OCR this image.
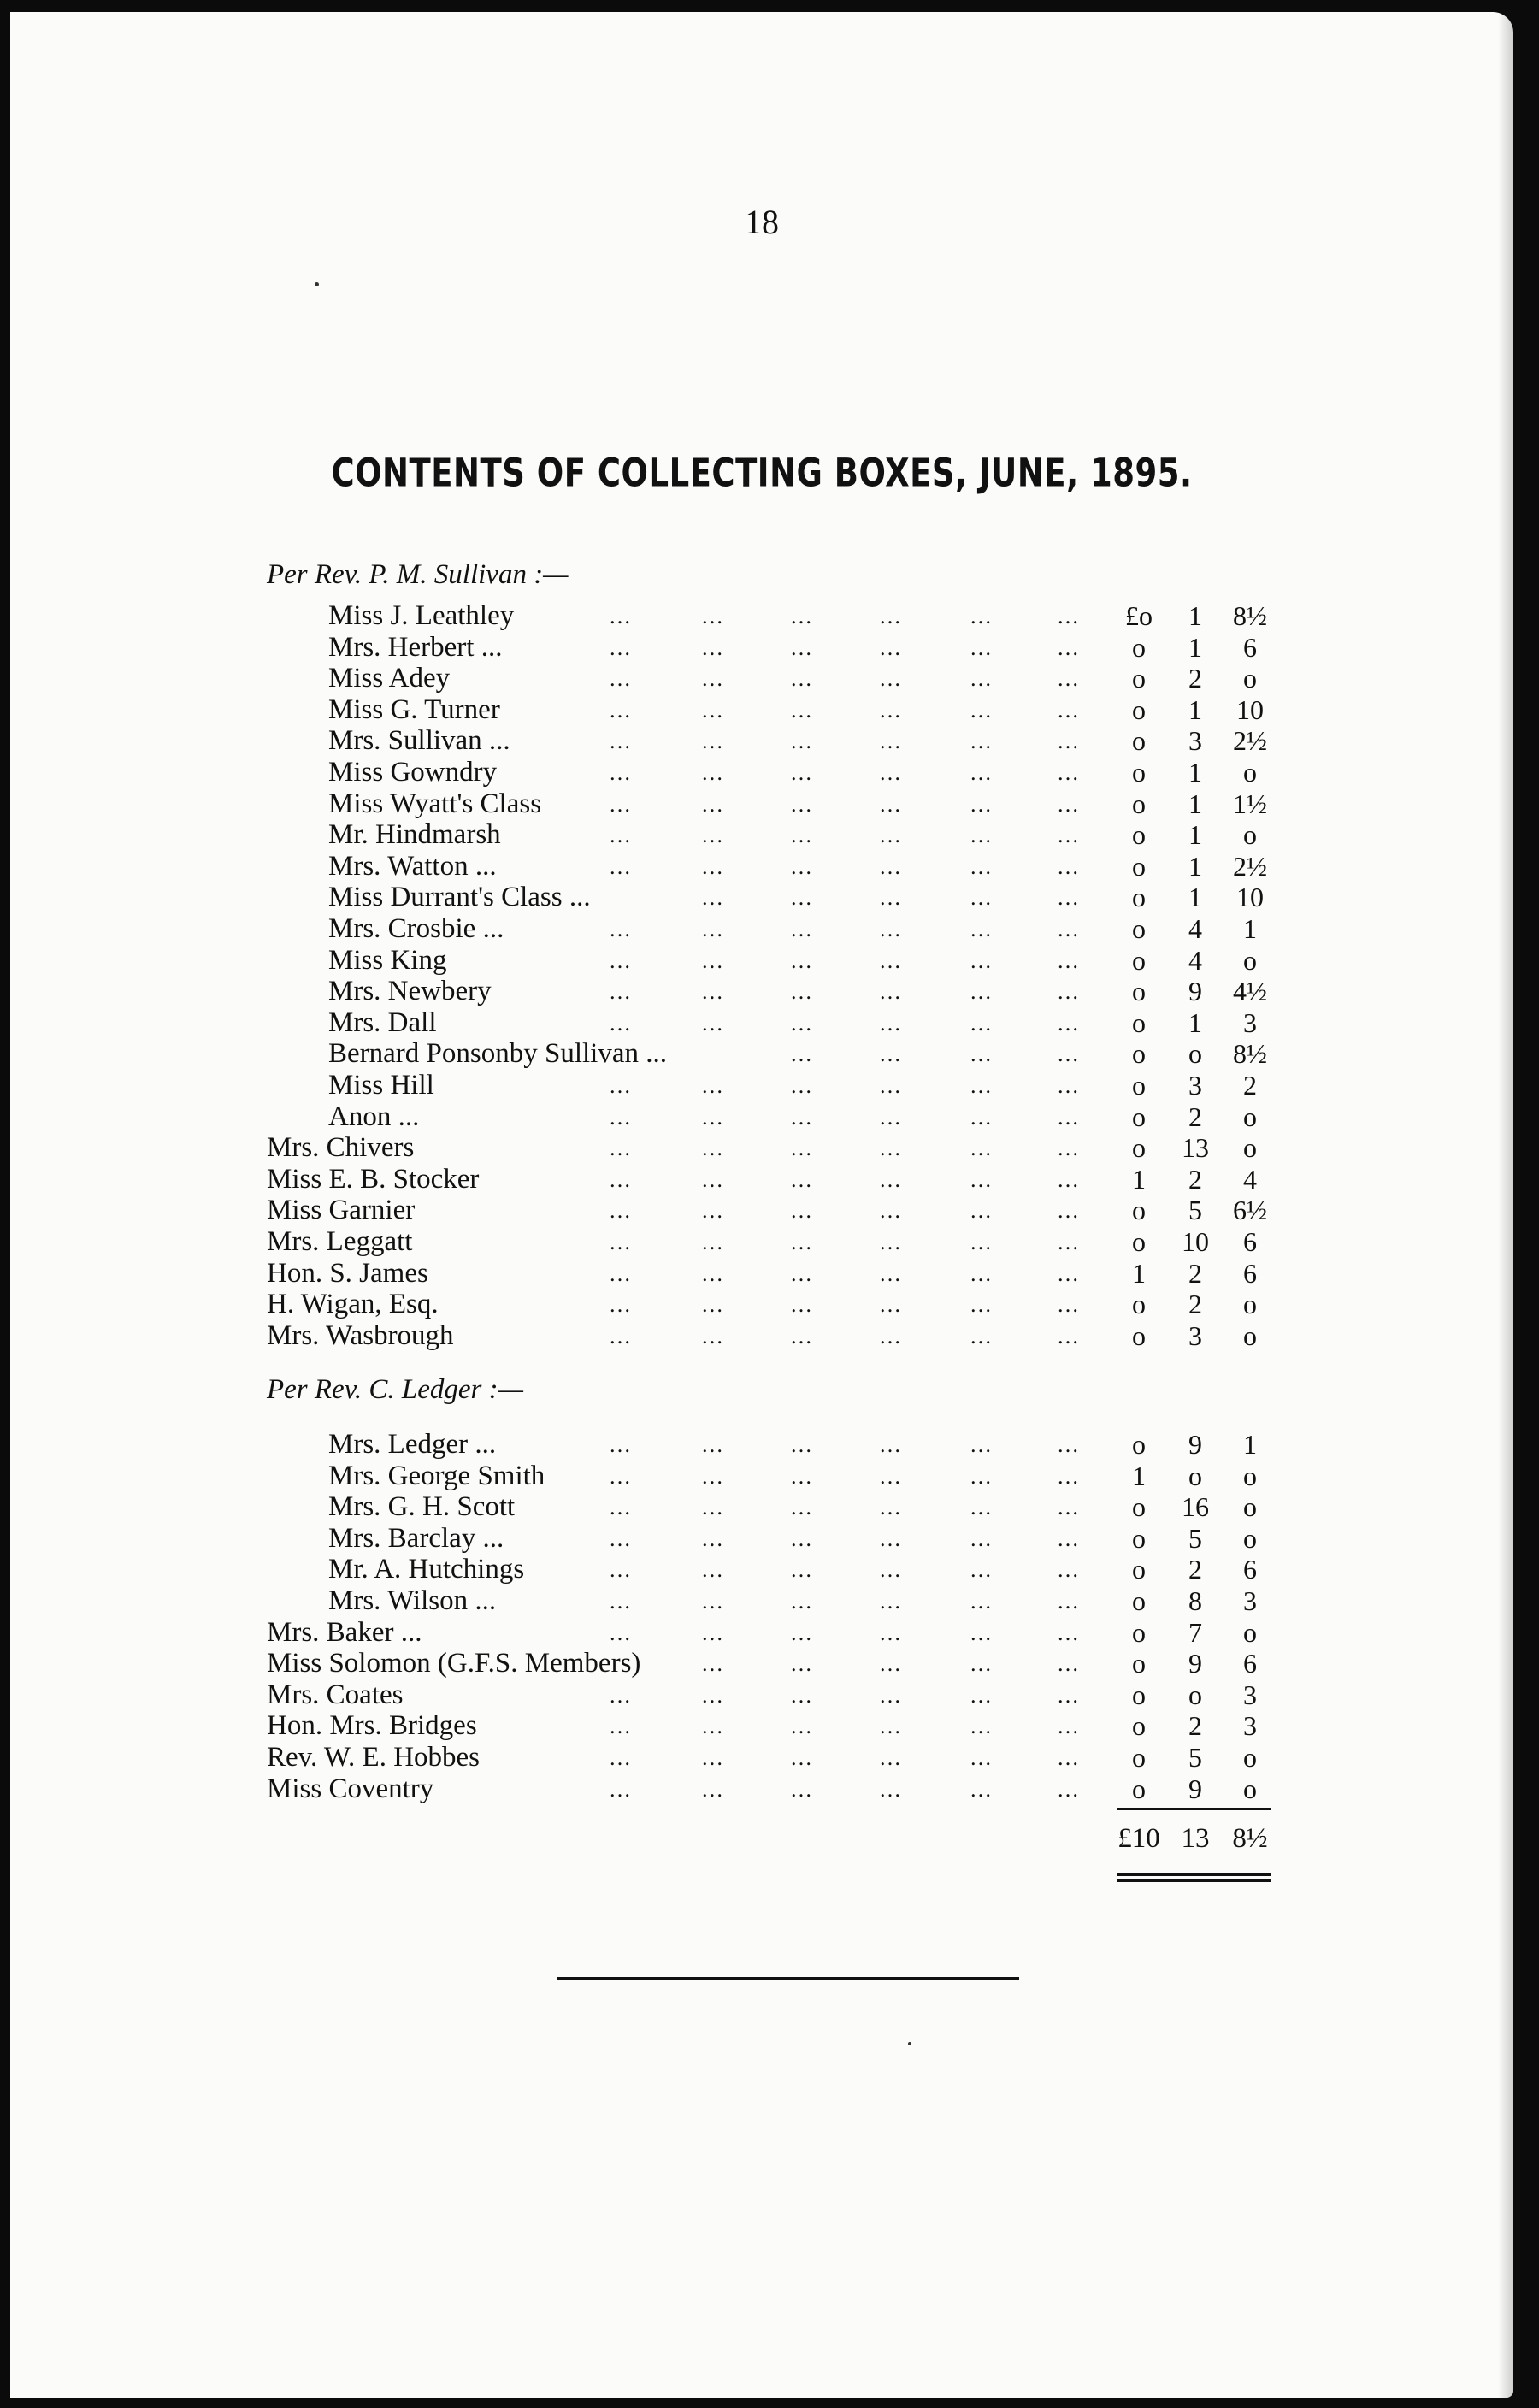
18
CONTENTS OF COLLECTING BOXES, JUNE, 1895.
Per Rev. P. M. Sullivan :—
Miss J. Leathley	…	…	…	…	…	…	£o	1	8½
Mrs. Herbert ...	…	…	…	…	…	…	o	1	6
Miss Adey	…	…	…	…	…	…	o	2	o
Miss G. Turner	…	…	…	…	…	…	o	1	10
Mrs. Sullivan ...	…	…	…	…	…	…	o	3	2½
Miss Gowndry	…	…	…	…	…	…	o	1	o
Miss Wyatt's Class	…	…	…	…	…	…	o	1	1½
Mr. Hindmarsh	…	…	…	…	…	…	o	1	o
Mrs. Watton ...	…	…	…	…	…	…	o	1	2½
Miss Durrant's Class ...	…	…	…	…	…	o	1	10
Mrs. Crosbie ...	…	…	…	…	…	…	o	4	1
Miss King	…	…	…	…	…	…	o	4	o
Mrs. Newbery	…	…	…	…	…	…	o	9	4½
Mrs. Dall	…	…	…	…	…	…	o	1	3
Bernard Ponsonby Sullivan ...	…	…	…	…	o	o	8½
Miss Hill	…	…	…	…	…	…	o	3	2
Anon ...	…	…	…	…	…	…	o	2	o
Mrs. Chivers	…	…	…	…	…	…	o	13	o
Miss E. B. Stocker	…	…	…	…	…	…	1	2	4
Miss Garnier	…	…	…	…	…	…	o	5	6½
Mrs. Leggatt	…	…	…	…	…	…	o	10	6
Hon. S. James	…	…	…	…	…	…	1	2	6
H. Wigan, Esq.	…	…	…	…	…	…	o	2	o
Mrs. Wasbrough	…	…	…	…	…	…	o	3	o
Per Rev. C. Ledger :—
Mrs. Ledger ...	…	…	…	…	…	…	o	9	1
Mrs. George Smith	…	…	…	…	…	…	1	o	o
Mrs. G. H. Scott	…	…	…	…	…	…	o	16	o
Mrs. Barclay ...	…	…	…	…	…	…	o	5	o
Mr. A. Hutchings	…	…	…	…	…	…	o	2	6
Mrs. Wilson ...	…	…	…	…	…	…	o	8	3
Mrs. Baker ...	…	…	…	…	…	…	o	7	o
Miss Solomon (G.F.S. Members)	…	…	…	…	…	o	9	6
Mrs. Coates	…	…	…	…	…	…	o	o	3
Hon. Mrs. Bridges	…	…	…	…	…	…	o	2	3
Rev. W. E. Hobbes	…	…	…	…	…	…	o	5	o
Miss Coventry	…	…	…	…	…	…	o	9	o
£10 13 8½
